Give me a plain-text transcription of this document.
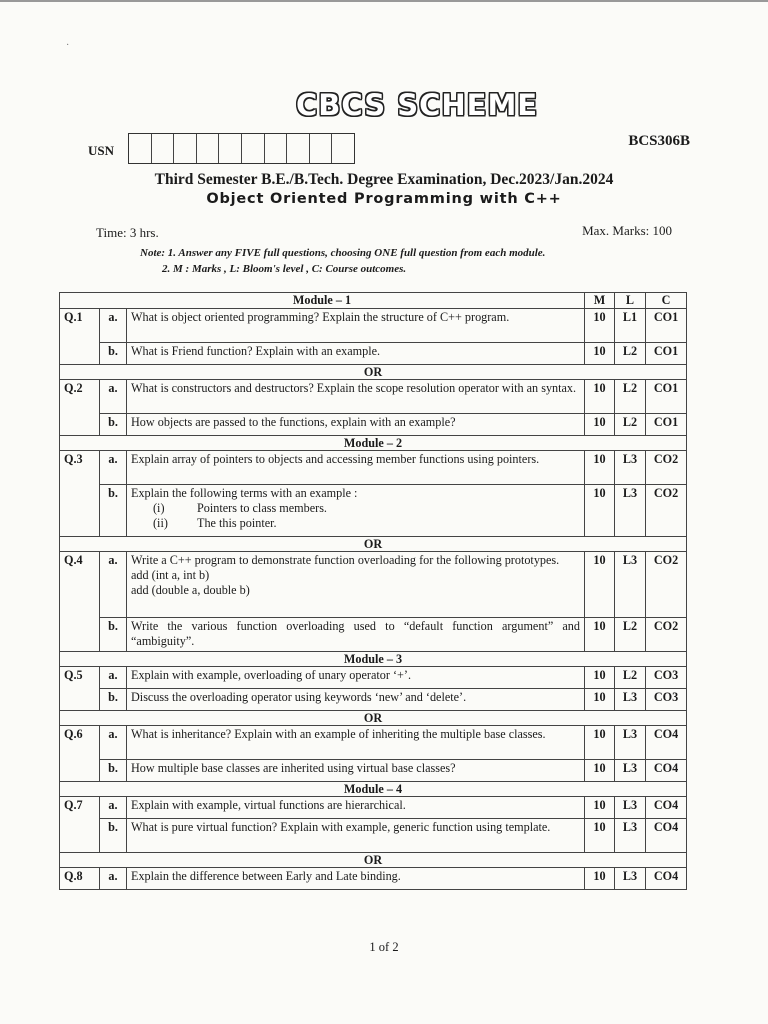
·
CBCS SCHEME
BCS306B
USN
Third Semester B.E./B.Tech. Degree Examination, Dec.2023/Jan.2024
Object Oriented Programming with C++
Time: 3 hrs.	Max. Marks: 100
Note: 1. Answer any FIVE full questions, choosing ONE full question from each module.
2. M : Marks , L: Bloom's level , C: Course outcomes.
Module – 1			M	L	C
Q.1	a.	What is object oriented programming? Explain the structure of C++ program.	10	L1	CO1
	b.	What is Friend function? Explain with an example.	10	L2	CO1
OR					
Q.2	a.	What is constructors and destructors? Explain the scope resolution operator with an syntax.	10	L2	CO1
	b.	How objects are passed to the functions, explain with an example?	10	L2	CO1
Module – 2					
Q.3	a.	Explain array of pointers to objects and accessing member functions using pointers.	10	L3	CO2
	b.	Explain the following terms with an example :
(i) Pointers to class members.
(ii) The this pointer.	10	L3	CO2
OR					
Q.4	a.	Write a C++ program to demonstrate function overloading for the following prototypes.
add (int a, int b)
add (double a, double b)	10	L3	CO2
	b.	Write the various function overloading used to “default function argument” and “ambiguity”.	10	L2	CO2
Module – 3					
Q.5	a.	Explain with example, overloading of unary operator ‘+’.	10	L2	CO3
	b.	Discuss the overloading operator using keywords ‘new’ and ‘delete’.	10	L3	CO3
OR					
Q.6	a.	What is inheritance? Explain with an example of inheriting the multiple base classes.	10	L3	CO4
	b.	How multiple base classes are inherited using virtual base classes?	10	L3	CO4
Module – 4					
Q.7	a.	Explain with example, virtual functions are hierarchical.	10	L3	CO4
	b.	What is pure virtual function? Explain with example, generic function using template.	10	L3	CO4
OR					
Q.8	a.	Explain the difference between Early and Late binding.	10	L3	CO4
1 of 2
